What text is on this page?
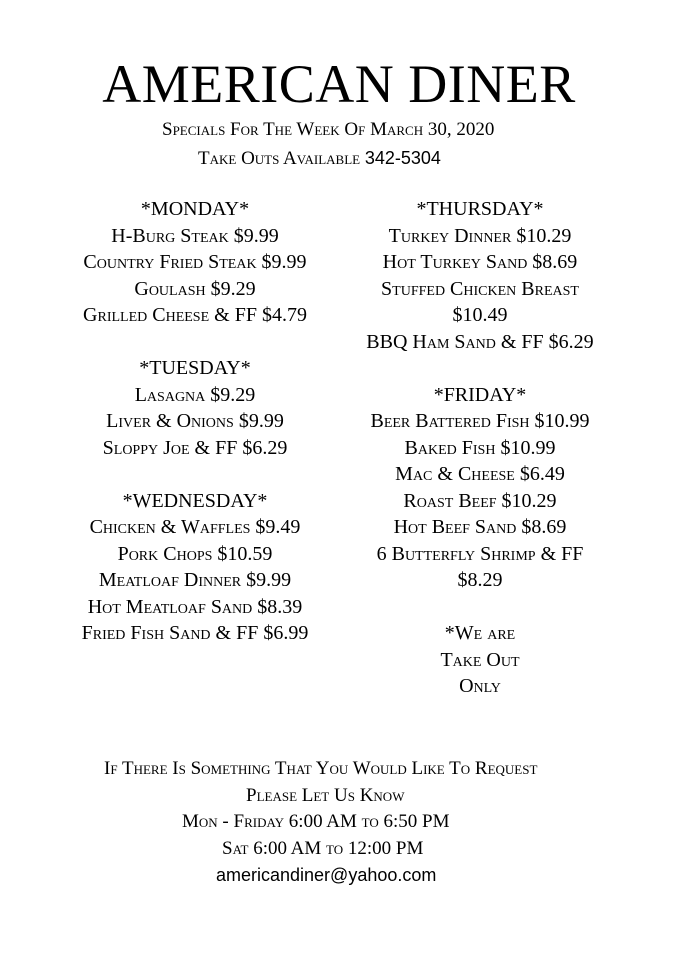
AMERICAN DINER
Specials For The Week Of March 30, 2020
Take Outs Available 342-5304
*MONDAY*
H-Burg Steak $9.99
Country Fried Steak $9.99
Goulash $9.29
Grilled Cheese & FF $4.79
*TUESDAY*
Lasagna $9.29
Liver & Onions $9.99
Sloppy Joe & FF $6.29
*WEDNESDAY*
Chicken & Waffles $9.49
Pork Chops $10.59
Meatloaf Dinner $9.99
Hot Meatloaf Sand $8.39
Fried Fish Sand & FF $6.99
*THURSDAY*
Turkey Dinner $10.29
Hot Turkey Sand $8.69
Stuffed Chicken Breast
$10.49
BBQ Ham Sand & FF $6.29
*FRIDAY*
Beer Battered Fish $10.99
Baked Fish $10.99
Mac & Cheese $6.49
Roast Beef $10.29
Hot Beef Sand $8.69
6 Butterfly Shrimp & FF
$8.29
*We are
Take Out
Only
If There Is Something That You Would Like To Request
Please Let Us Know
Mon - Friday 6:00 AM to 6:50 PM
Sat 6:00 AM to 12:00 PM
americandiner@yahoo.com
